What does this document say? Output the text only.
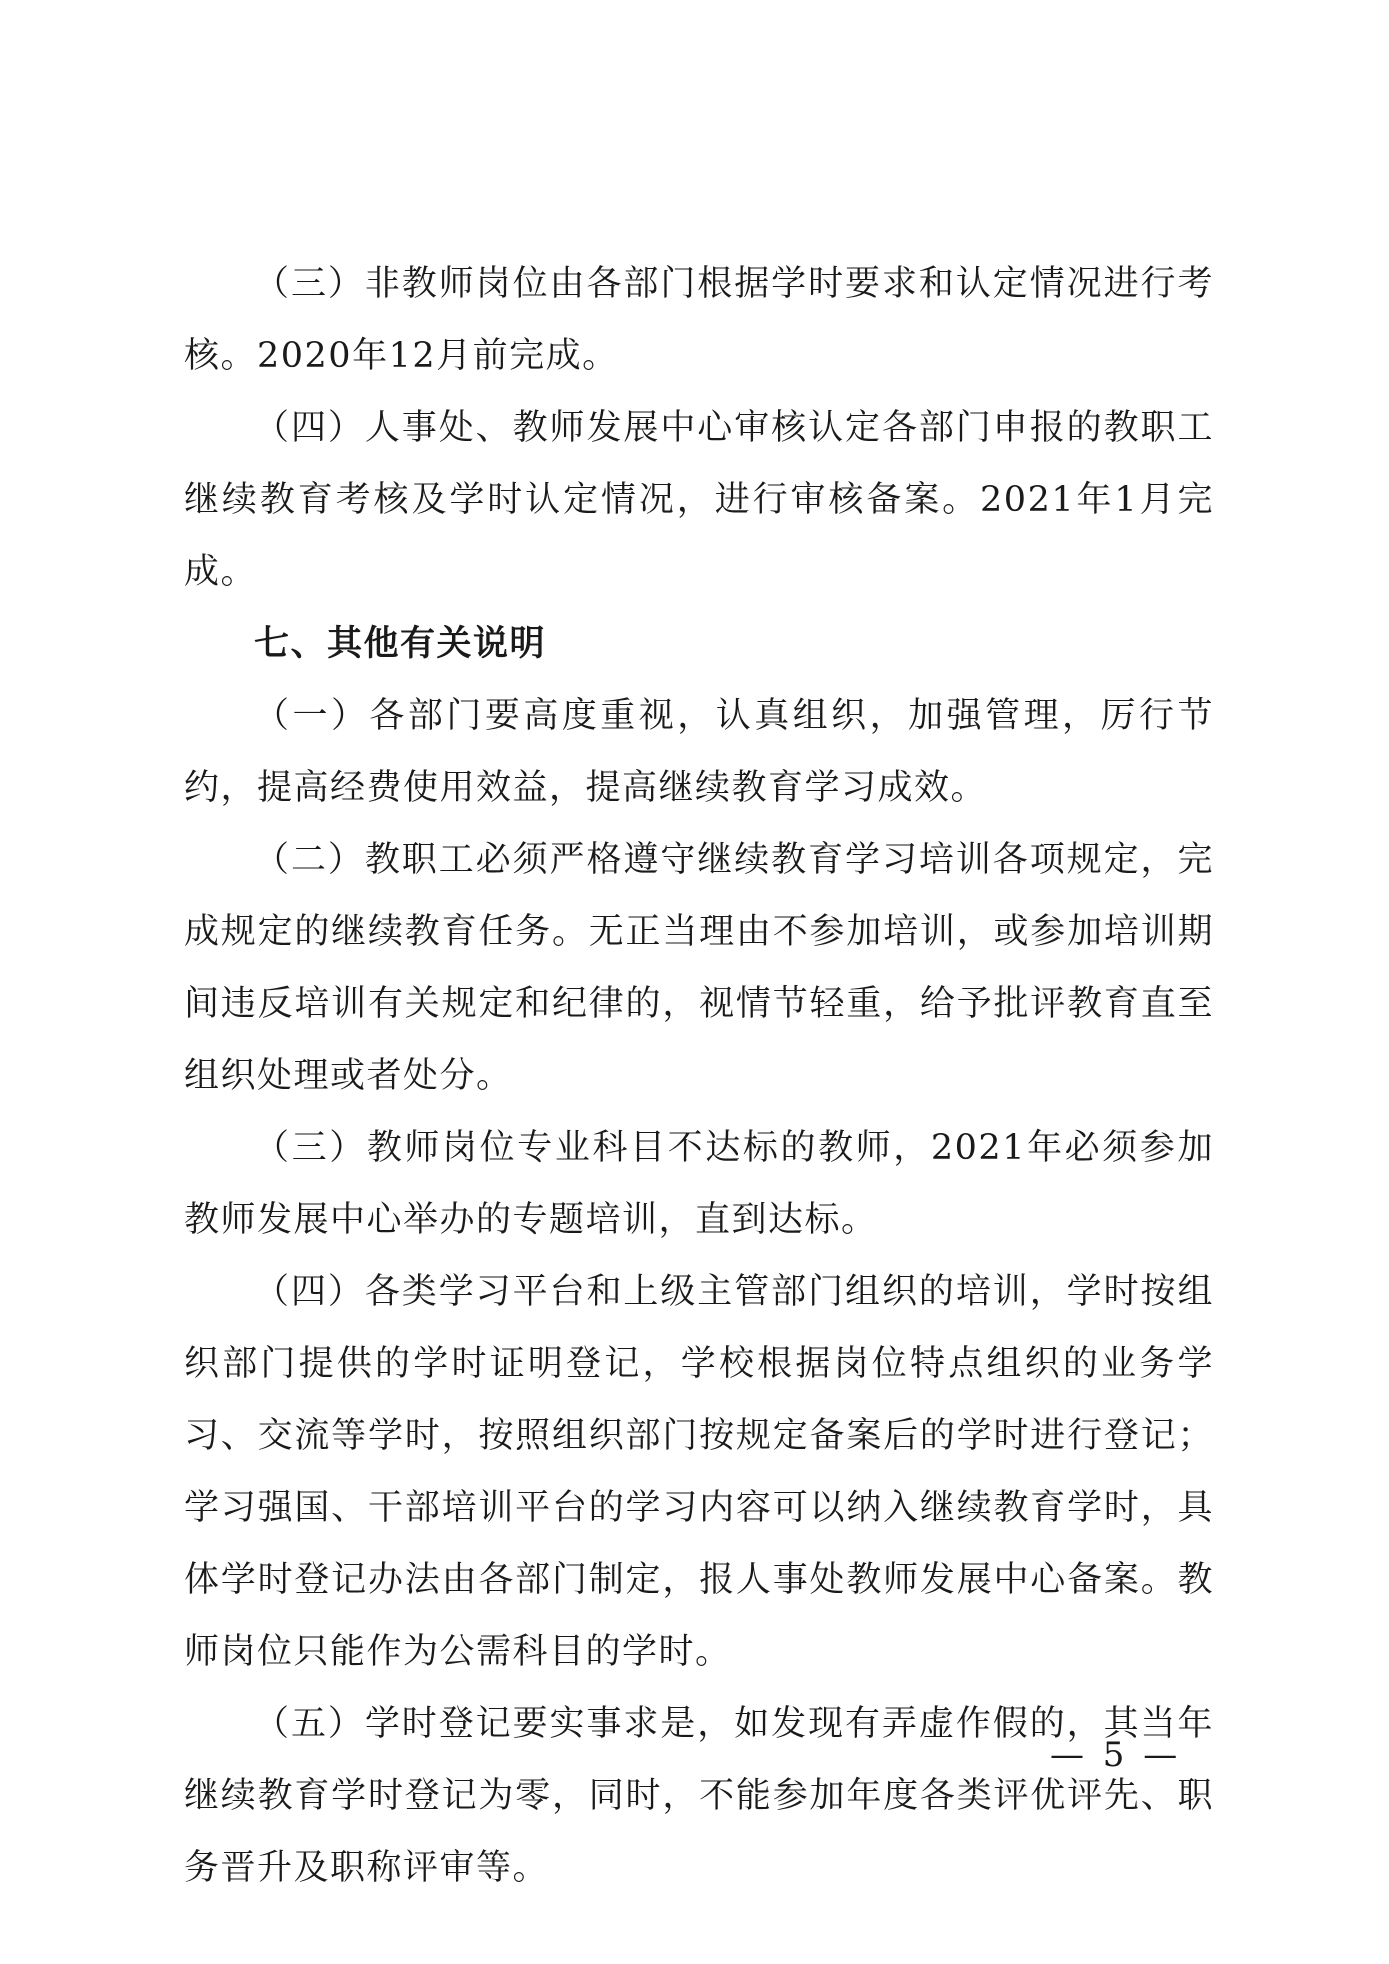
（三）非教师岗位由各部门根据学时要求和认定情况进行考核。2020年12月前完成。

（四）人事处、教师发展中心审核认定各部门申报的教职工继续教育考核及学时认定情况，进行审核备案。2021年1月完成。

七、其他有关说明

（一）各部门要高度重视，认真组织，加强管理，厉行节约，提高经费使用效益，提高继续教育学习成效。

（二）教职工必须严格遵守继续教育学习培训各项规定，完成规定的继续教育任务。无正当理由不参加培训，或参加培训期间违反培训有关规定和纪律的，视情节轻重，给予批评教育直至组织处理或者处分。

（三）教师岗位专业科目不达标的教师，2021年必须参加教师发展中心举办的专题培训，直到达标。

（四）各类学习平台和上级主管部门组织的培训，学时按组织部门提供的学时证明登记，学校根据岗位特点组织的业务学习、交流等学时，按照组织部门按规定备案后的学时进行登记；学习强国、干部培训平台的学习内容可以纳入继续教育学时，具体学时登记办法由各部门制定，报人事处教师发展中心备案。教师岗位只能作为公需科目的学时。

（五）学时登记要实事求是，如发现有弄虚作假的，其当年继续教育学时登记为零，同时，不能参加年度各类评优评先、职务晋升及职称评审等。

— 5 —
